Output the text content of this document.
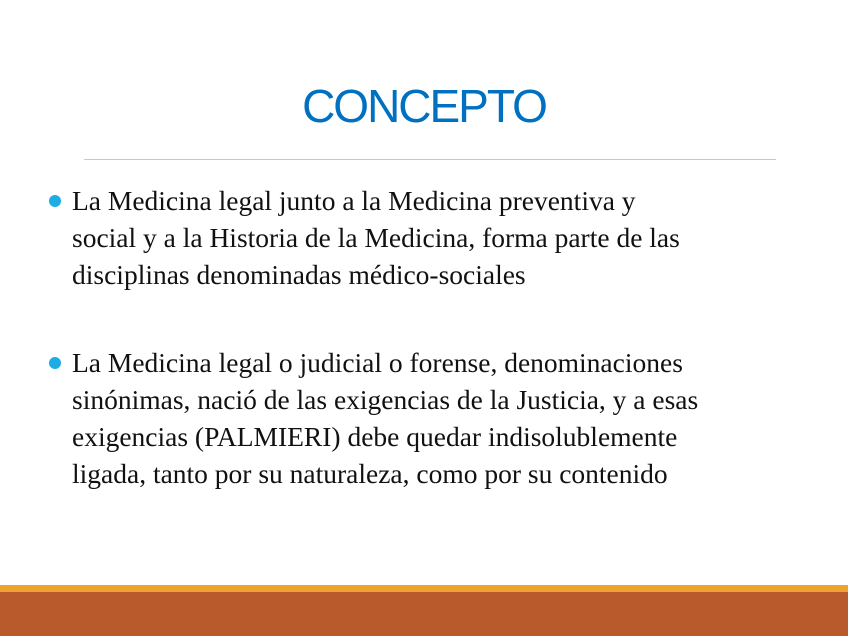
CONCEPTO
La Medicina legal junto a la Medicina preventiva y
social y a la Historia de la Medicina, forma parte de las
disciplinas denominadas médico-sociales
La Medicina legal o judicial o forense, denominaciones
sinónimas, nació de las exigencias de la Justicia, y a esas
exigencias (PALMIERI) debe quedar indisolublemente
ligada, tanto por su naturaleza, como por su contenido
